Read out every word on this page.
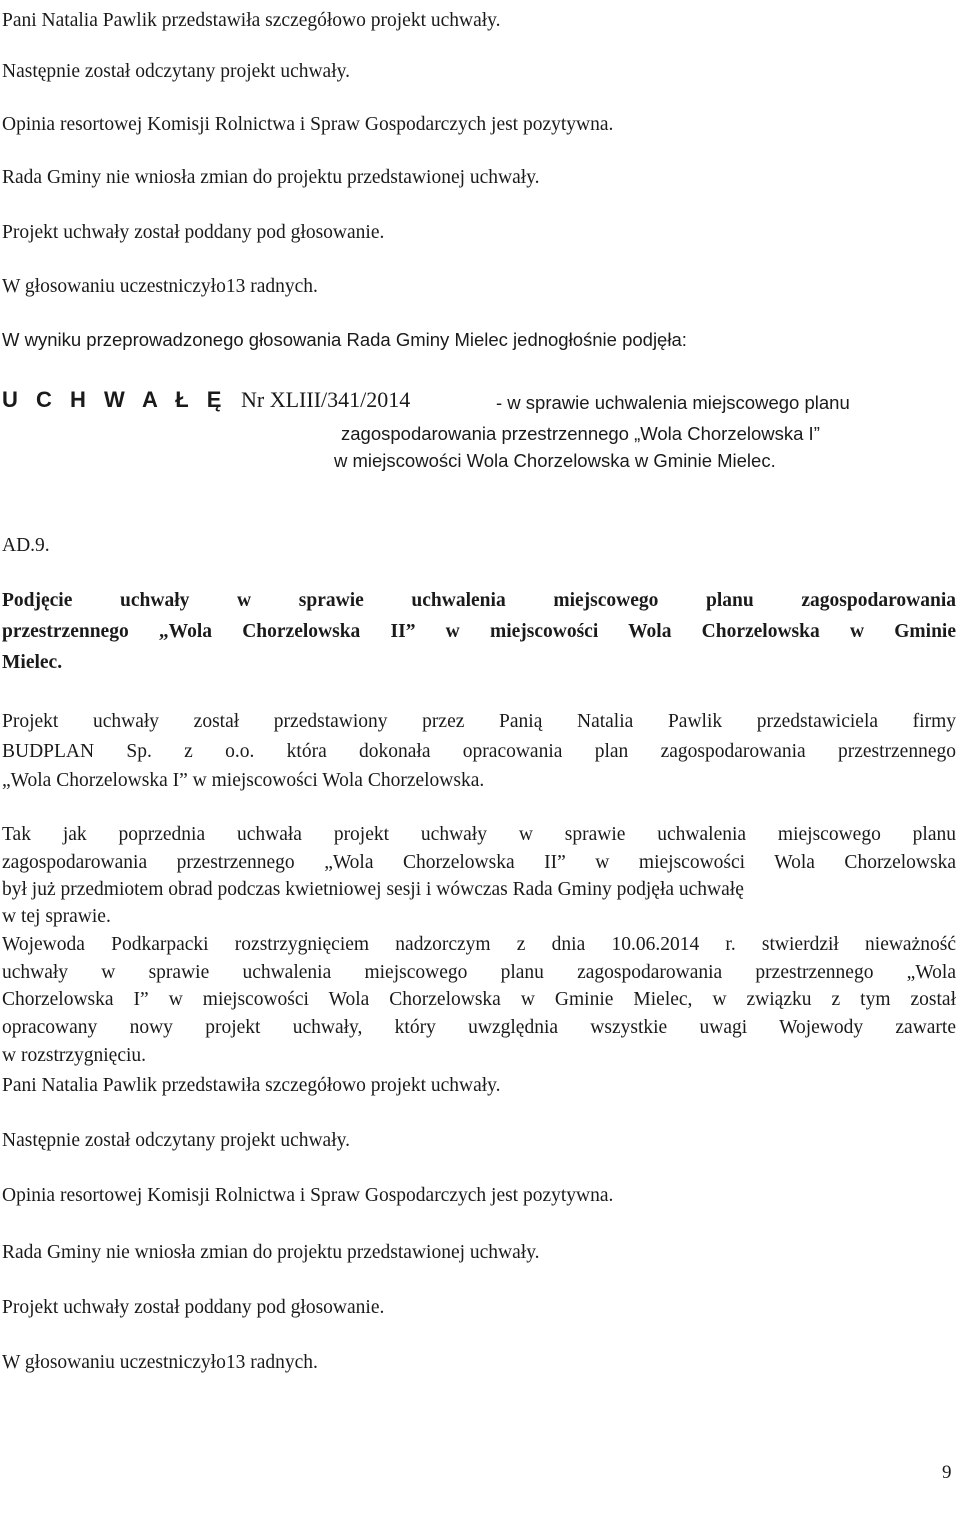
Pani Natalia Pawlik przedstawiła szczegółowo projekt uchwały.
Następnie został odczytany projekt uchwały.
Opinia resortowej Komisji Rolnictwa i Spraw Gospodarczych jest pozytywna.
Rada Gminy nie wniosła zmian do projektu przedstawionej uchwały.
Projekt uchwały został poddany pod głosowanie.
W głosowaniu uczestniczyło13 radnych.
W wyniku przeprowadzonego głosowania Rada Gminy Mielec jednogłośnie podjęła:
U C H W A Ł Ę Nr XLIII/341/2014	- w sprawie uchwalenia miejscowego planu
zagospodarowania przestrzennego „Wola Chorzelowska I”
w miejscowości Wola Chorzelowska w Gminie Mielec.
AD.9.
Podjęcie uchwały w sprawie uchwalenia miejscowego planu zagospodarowania
przestrzennego „Wola Chorzelowska II” w miejscowości Wola Chorzelowska w Gminie
Mielec.
Projekt uchwały został przedstawiony przez Panią Natalia Pawlik przedstawiciela firmy
BUDPLAN Sp. z o.o. która dokonała opracowania plan zagospodarowania przestrzennego
„Wola Chorzelowska I” w miejscowości Wola Chorzelowska.
Tak jak poprzednia uchwała projekt uchwały w sprawie uchwalenia miejscowego planu
zagospodarowania przestrzennego „Wola Chorzelowska II” w miejscowości Wola Chorzelowska
był już przedmiotem obrad podczas kwietniowej sesji i wówczas Rada Gminy podjęła uchwałę
w tej sprawie.
Wojewoda Podkarpacki rozstrzygnięciem nadzorczym z dnia 10.06.2014 r. stwierdził nieważność
uchwały w sprawie uchwalenia miejscowego planu zagospodarowania przestrzennego „Wola
Chorzelowska I” w miejscowości Wola Chorzelowska w Gminie Mielec, w związku z tym został
opracowany nowy projekt uchwały, który uwzględnia wszystkie uwagi Wojewody zawarte
w rozstrzygnięciu.
Pani Natalia Pawlik przedstawiła szczegółowo projekt uchwały.
Następnie został odczytany projekt uchwały.
Opinia resortowej Komisji Rolnictwa i Spraw Gospodarczych jest pozytywna.
Rada Gminy nie wniosła zmian do projektu przedstawionej uchwały.
Projekt uchwały został poddany pod głosowanie.
W głosowaniu uczestniczyło13 radnych.
9
